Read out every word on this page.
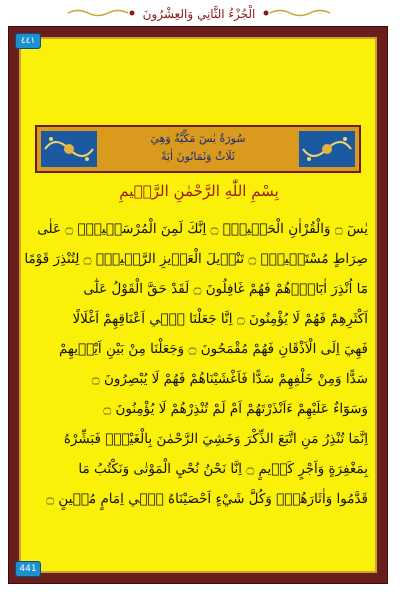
الْجُزْءُ الثَّانِي وَالعِشْرُونَ
٤٤١
441
سُورَةُ يٰسٓ مَكِّيَّةٌ وَهِيَ
ثَلَاثٌ وَثَمَانُونَ اٰيَةً
بِسْمِ اللّٰهِ الرَّحْمٰنِ الرَّح۪يمِ
يٰسٓ ۝ وَالْقُرْاٰنِ الْحَك۪يمِۙ ۝ اِنَّكَ لَمِنَ الْمُرْسَل۪ينَۙ ۝ عَلٰى
صِرَاطٍ مُسْتَق۪يمٍۜ ۝ تَنْز۪يلَ الْعَز۪يزِ الرَّح۪يمِۙ ۝ لِتُنْذِرَ قَوْمًا
مَٓا اُنْذِرَ اٰبَٓاؤُ۬هُمْ فَهُمْ غَافِلُونَ ۝ لَقَدْ حَقَّ الْقَوْلُ عَلٰٓى
اَكْثَرِهِمْ فَهُمْ لَا يُؤْمِنُونَ ۝ اِنَّا جَعَلْنَا ف۪ٓي اَعْنَاقِهِمْ اَغْلَالًا
فَهِيَ اِلَى الْاَذْقَانِ فَهُمْ مُقْمَحُونَ ۝ وَجَعَلْنَا مِنْ بَيْنِ اَيْد۪يهِمْ
سَدًّا وَمِنْ خَلْفِهِمْ سَدًّا فَاَغْشَيْنَاهُمْ فَهُمْ لَا يُبْصِرُونَ ۝
وَسَوَٓاءٌ عَلَيْهِمْ ءَاَنْذَرْتَهُمْ اَمْ لَمْ تُنْذِرْهُمْ لَا يُؤْمِنُونَ ۝
اِنَّمَا تُنْذِرُ مَنِ اتَّبَعَ الذِّكْرَ وَخَشِيَ الرَّحْمٰنَ بِالْغَيْبِۚ فَبَشِّرْهُ
بِمَغْفِرَةٍ وَاَجْرٍ كَر۪يمٍ ۝ اِنَّا نَحْنُ نُحْيِ الْمَوْتٰى وَنَكْتُبُ مَا
قَدَّمُوا وَاٰثَارَهُمْۜ وَكُلَّ شَيْءٍ اَحْصَيْنَاهُ ف۪ٓي اِمَامٍ مُب۪ينٍ ۝
